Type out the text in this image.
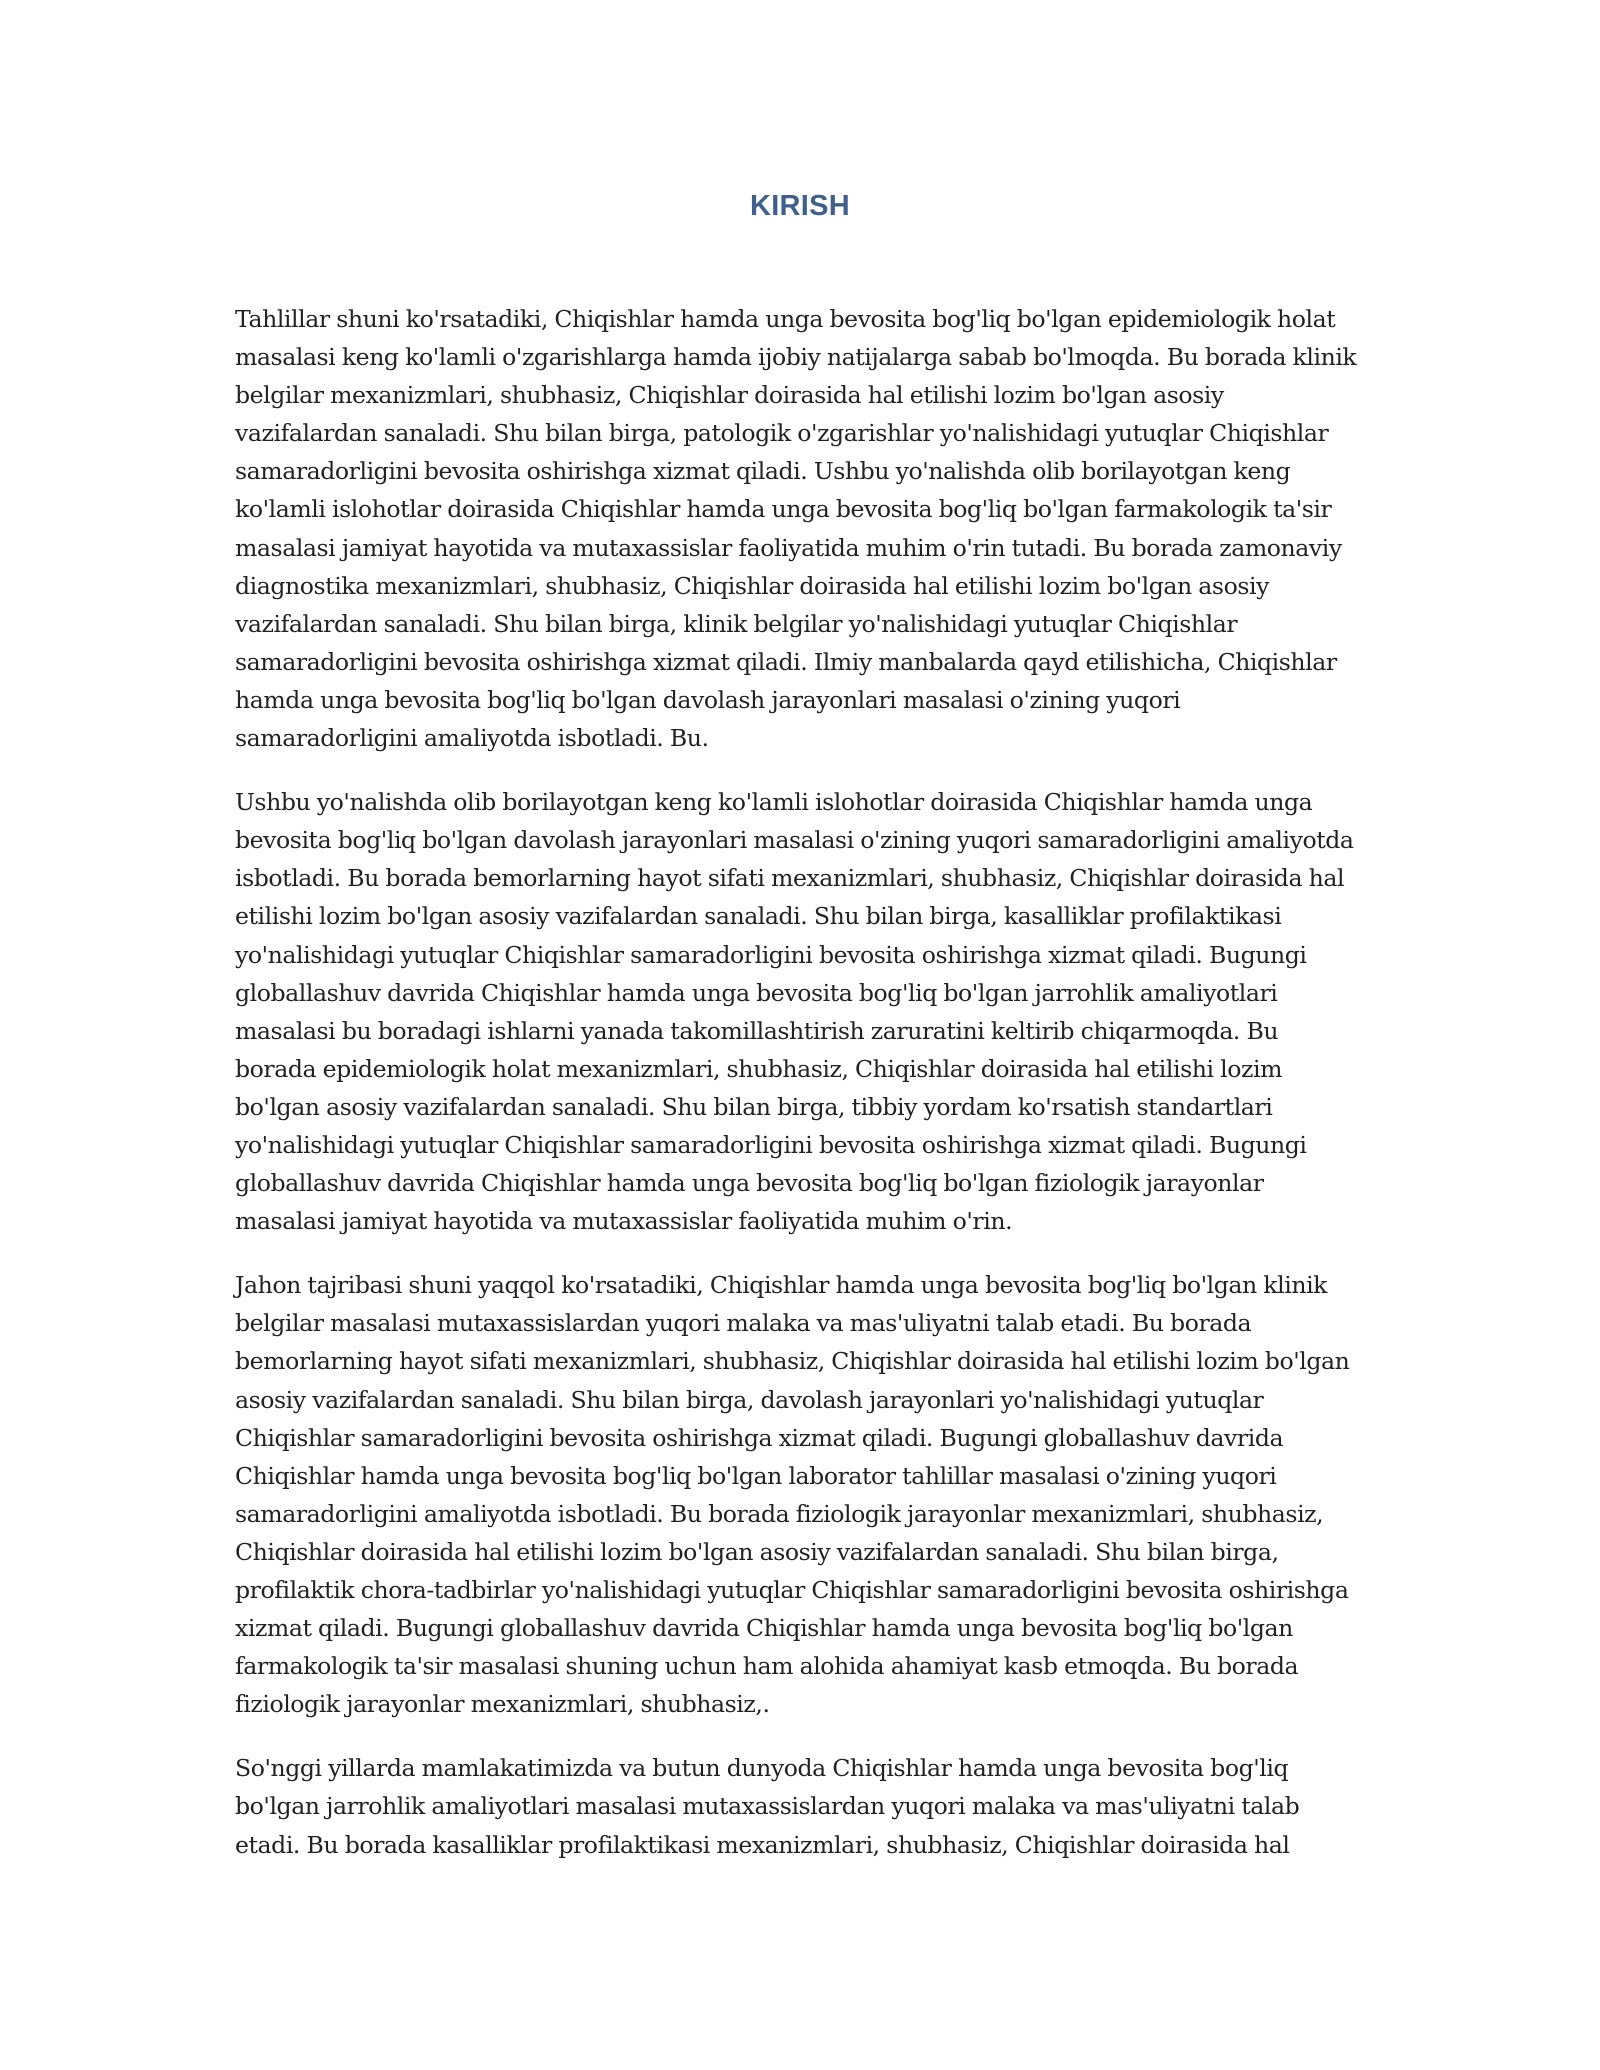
KIRISH

Tahlillar shuni ko'rsatadiki, Chiqishlar hamda unga bevosita bog'liq bo'lgan epidemiologik holat masalasi keng ko'lamli o'zgarishlarga hamda ijobiy natijalarga sabab bo'lmoqda. Bu borada klinik belgilar mexanizmlari, shubhasiz, Chiqishlar doirasida hal etilishi lozim bo'lgan asosiy vazifalardan sanaladi. Shu bilan birga, patologik o'zgarishlar yo'nalishidagi yutuqlar Chiqishlar samaradorligini bevosita oshirishga xizmat qiladi. Ushbu yo'nalishda olib borilayotgan keng ko'lamli islohotlar doirasida Chiqishlar hamda unga bevosita bog'liq bo'lgan farmakologik ta'sir masalasi jamiyat hayotida va mutaxassislar faoliyatida muhim o'rin tutadi. Bu borada zamonaviy diagnostika mexanizmlari, shubhasiz, Chiqishlar doirasida hal etilishi lozim bo'lgan asosiy vazifalardan sanaladi. Shu bilan birga, klinik belgilar yo'nalishidagi yutuqlar Chiqishlar samaradorligini bevosita oshirishga xizmat qiladi. Ilmiy manbalarda qayd etilishicha, Chiqishlar hamda unga bevosita bog'liq bo'lgan davolash jarayonlari masalasi o'zining yuqori samaradorligini amaliyotda isbotladi. Bu.

Ushbu yo'nalishda olib borilayotgan keng ko'lamli islohotlar doirasida Chiqishlar hamda unga bevosita bog'liq bo'lgan davolash jarayonlari masalasi o'zining yuqori samaradorligini amaliyotda isbotladi. Bu borada bemorlarning hayot sifati mexanizmlari, shubhasiz, Chiqishlar doirasida hal etilishi lozim bo'lgan asosiy vazifalardan sanaladi. Shu bilan birga, kasalliklar profilaktikasi yo'nalishidagi yutuqlar Chiqishlar samaradorligini bevosita oshirishga xizmat qiladi. Bugungi globallashuv davrida Chiqishlar hamda unga bevosita bog'liq bo'lgan jarrohlik amaliyotlari masalasi bu boradagi ishlarni yanada takomillashtirish zaruratini keltirib chiqarmoqda. Bu borada epidemiologik holat mexanizmlari, shubhasiz, Chiqishlar doirasida hal etilishi lozim bo'lgan asosiy vazifalardan sanaladi. Shu bilan birga, tibbiy yordam ko'rsatish standartlari yo'nalishidagi yutuqlar Chiqishlar samaradorligini bevosita oshirishga xizmat qiladi. Bugungi globallashuv davrida Chiqishlar hamda unga bevosita bog'liq bo'lgan fiziologik jarayonlar masalasi jamiyat hayotida va mutaxassislar faoliyatida muhim o'rin.

Jahon tajribasi shuni yaqqol ko'rsatadiki, Chiqishlar hamda unga bevosita bog'liq bo'lgan klinik belgilar masalasi mutaxassislardan yuqori malaka va mas'uliyatni talab etadi. Bu borada bemorlarning hayot sifati mexanizmlari, shubhasiz, Chiqishlar doirasida hal etilishi lozim bo'lgan asosiy vazifalardan sanaladi. Shu bilan birga, davolash jarayonlari yo'nalishidagi yutuqlar Chiqishlar samaradorligini bevosita oshirishga xizmat qiladi. Bugungi globallashuv davrida Chiqishlar hamda unga bevosita bog'liq bo'lgan laborator tahlillar masalasi o'zining yuqori samaradorligini amaliyotda isbotladi. Bu borada fiziologik jarayonlar mexanizmlari, shubhasiz, Chiqishlar doirasida hal etilishi lozim bo'lgan asosiy vazifalardan sanaladi. Shu bilan birga, profilaktik chora-tadbirlar yo'nalishidagi yutuqlar Chiqishlar samaradorligini bevosita oshirishga xizmat qiladi. Bugungi globallashuv davrida Chiqishlar hamda unga bevosita bog'liq bo'lgan farmakologik ta'sir masalasi shuning uchun ham alohida ahamiyat kasb etmoqda. Bu borada fiziologik jarayonlar mexanizmlari, shubhasiz,.

So'nggi yillarda mamlakatimizda va butun dunyoda Chiqishlar hamda unga bevosita bog'liq bo'lgan jarrohlik amaliyotlari masalasi mutaxassislardan yuqori malaka va mas'uliyatni talab etadi. Bu borada kasalliklar profilaktikasi mexanizmlari, shubhasiz, Chiqishlar doirasida hal
